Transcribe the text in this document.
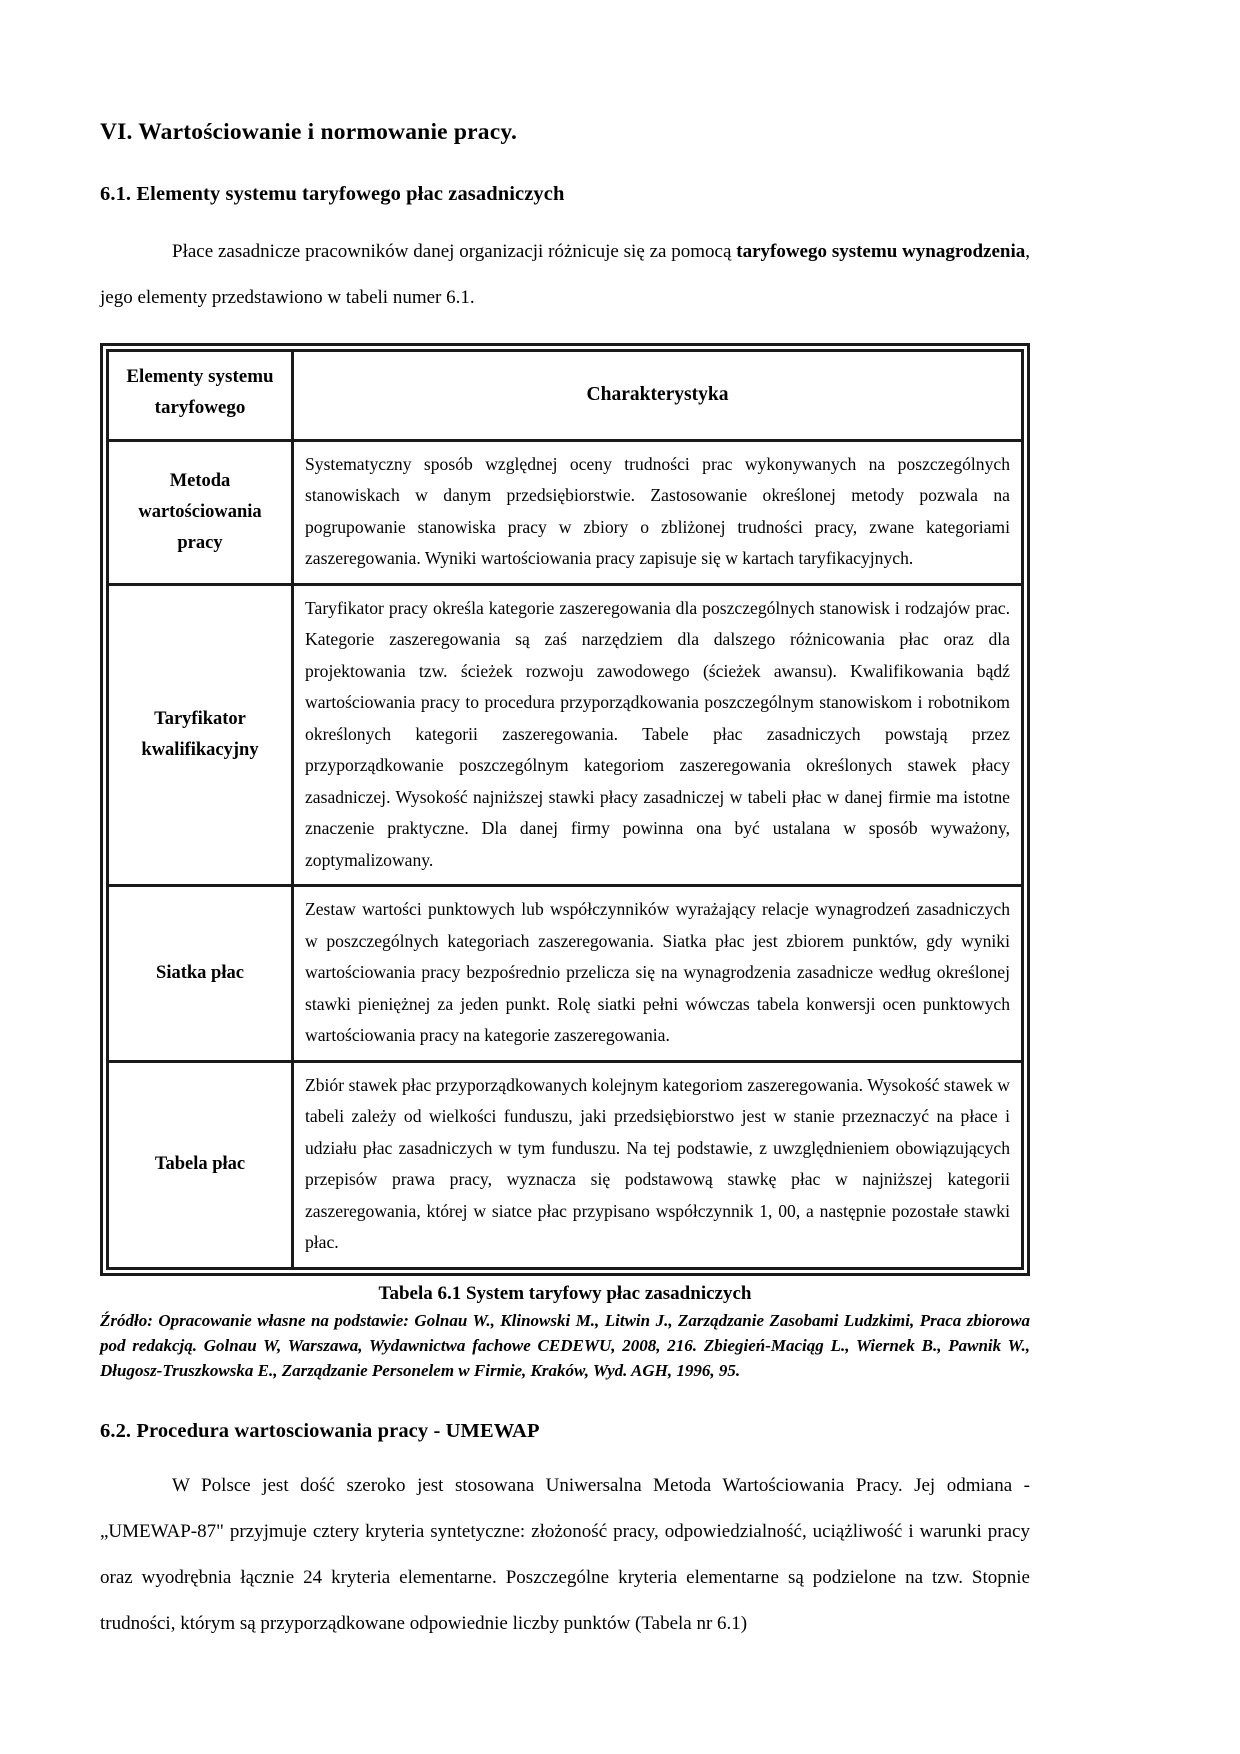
VI. Wartościowanie i normowanie pracy.
6.1. Elementy systemu taryfowego płac zasadniczych

Płace zasadnicze pracowników danej organizacji różnicuje się za pomocą taryfowego systemu wynagrodzenia, jego elementy przedstawiono w tabeli numer 6.1.

Elementy systemu taryfowego	Charakterystyka
Metoda wartościowania pracy	Systematyczny sposób względnej oceny trudności prac wykonywanych na poszczególnych stanowiskach w danym przedsiębiorstwie. Zastosowanie określonej metody pozwala na pogrupowanie stanowiska pracy w zbiory o zbliżonej trudności pracy, zwane kategoriami zaszeregowania. Wyniki wartościowania pracy zapisuje się w kartach taryfikacyjnych.
Taryfikator kwalifikacyjny	Taryfikator pracy określa kategorie zaszeregowania dla poszczególnych stanowisk i rodzajów prac. Kategorie zaszeregowania są zaś narzędziem dla dalszego różnicowania płac oraz dla projektowania tzw. ścieżek rozwoju zawodowego (ścieżek awansu). Kwalifikowania bądź wartościowania pracy to procedura przyporządkowania poszczególnym stanowiskom i robotnikom określonych kategorii zaszeregowania. Tabele płac zasadniczych powstają przez przyporządkowanie poszczególnym kategoriom zaszeregowania określonych stawek płacy zasadniczej. Wysokość najniższej stawki płacy zasadniczej w tabeli płac w danej firmie ma istotne znaczenie praktyczne. Dla danej firmy powinna ona być ustalana w sposób wyważony, zoptymalizowany.
Siatka płac	Zestaw wartości punktowych lub współczynników wyrażający relacje wynagrodzeń zasadniczych w poszczególnych kategoriach zaszeregowania. Siatka płac jest zbiorem punktów, gdy wyniki wartościowania pracy bezpośrednio przelicza się na wynagrodzenia zasadnicze według określonej stawki pieniężnej za jeden punkt. Rolę siatki pełni wówczas tabela konwersji ocen punktowych wartościowania pracy na kategorie zaszeregowania.
Tabela płac	Zbiór stawek płac przyporządkowanych kolejnym kategoriom zaszeregowania. Wysokość stawek w tabeli zależy od wielkości funduszu, jaki przedsiębiorstwo jest w stanie przeznaczyć na płace i udziału płac zasadniczych w tym funduszu. Na tej podstawie, z uwzględnieniem obowiązujących przepisów prawa pracy, wyznacza się podstawową stawkę płac w najniższej kategorii zaszeregowania, której w siatce płac przypisano współczynnik 1, 00, a następnie pozostałe stawki płac.

Tabela 6.1 System taryfowy płac zasadniczych

Źródło: Opracowanie własne na podstawie: Golnau W., Klinowski M., Litwin J., Zarządzanie Zasobami Ludzkimi, Praca zbiorowa pod redakcją. Golnau W, Warszawa, Wydawnictwa fachowe CEDEWU, 2008, 216. Zbiegień-Maciąg L., Wiernek B., Pawnik W., Długosz-Truszkowska E., Zarządzanie Personelem w Firmie, Kraków, Wyd. AGH, 1996, 95.

6.2. Procedura wartosciowania pracy - UMEWAP

W Polsce jest dość szeroko jest stosowana Uniwersalna Metoda Wartościowania Pracy. Jej odmiana -„UMEWAP-87" przyjmuje cztery kryteria syntetyczne: złożoność pracy, odpowiedzialność, uciążliwość i warunki pracy oraz wyodrębnia łącznie 24 kryteria elementarne. Poszczególne kryteria elementarne są podzielone na tzw. Stopnie trudności, którym są przyporządkowane odpowiednie liczby punktów (Tabela nr 6.1)
